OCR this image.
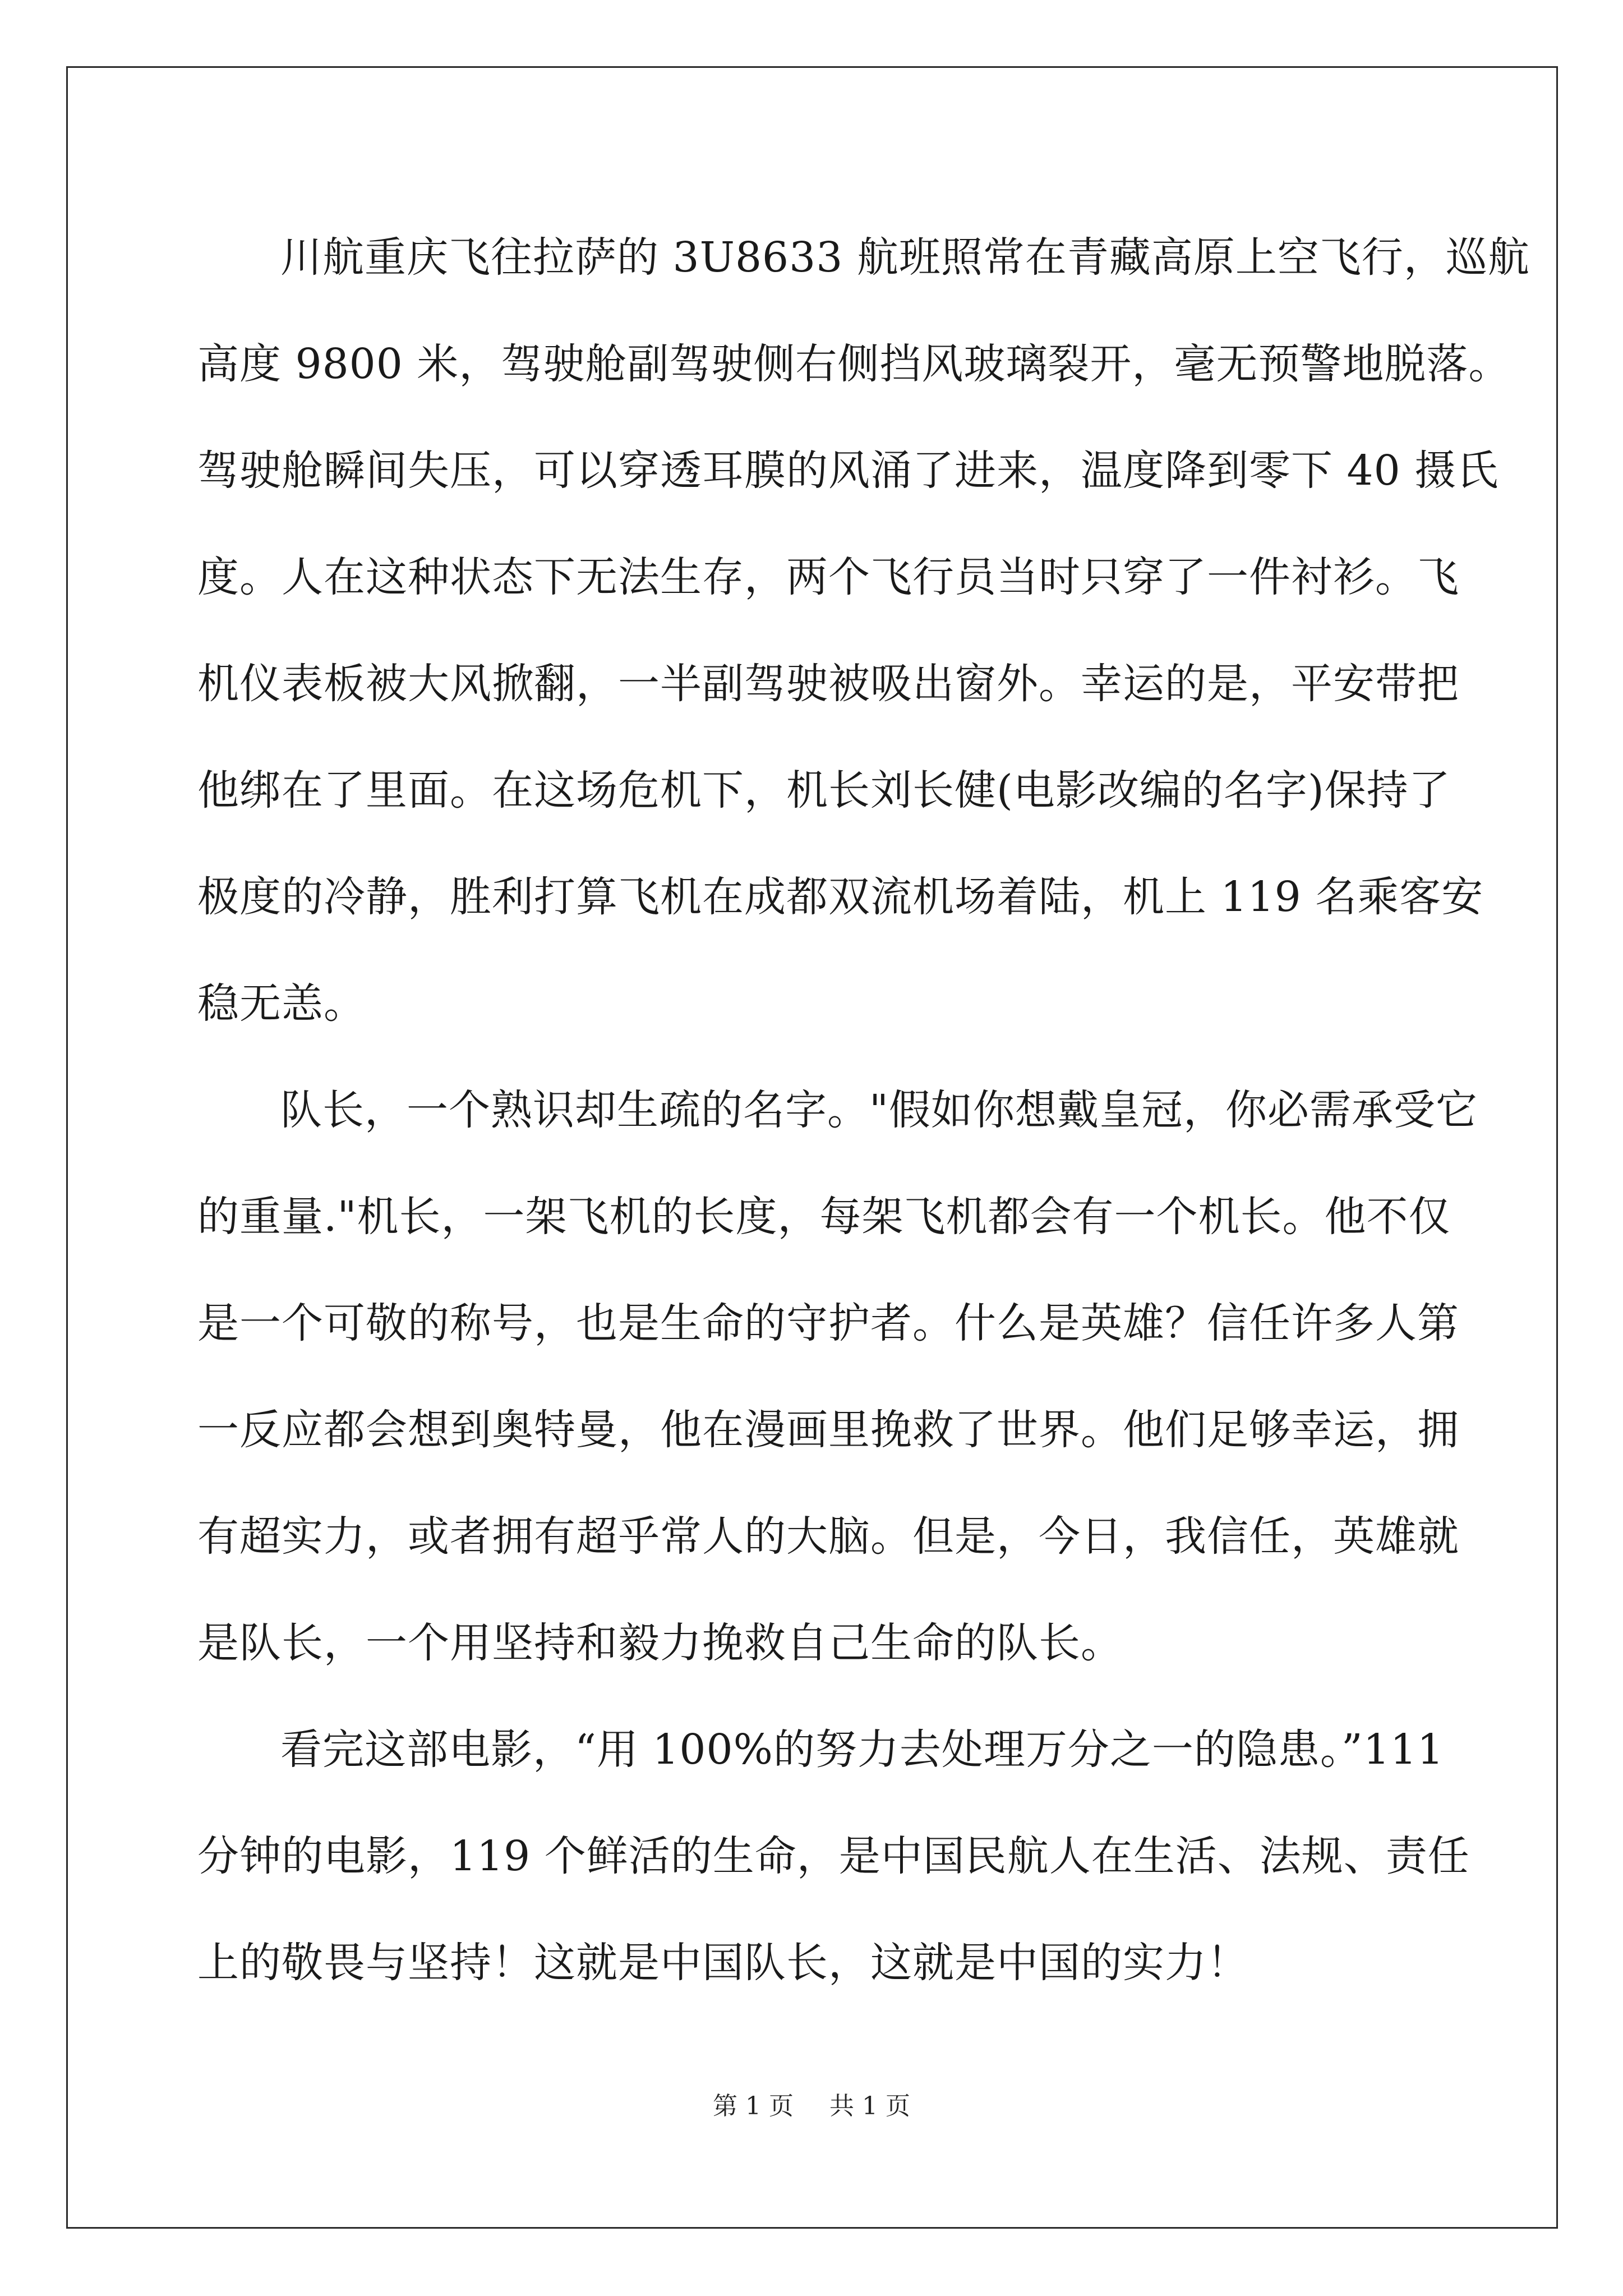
川航重庆飞往拉萨的 3U8633 航班照常在青藏高原上空飞行，巡航
高度 9800 米，驾驶舱副驾驶侧右侧挡风玻璃裂开，毫无预警地脱落。
驾驶舱瞬间失压，可以穿透耳膜的风涌了进来，温度降到零下 40 摄氏
度。人在这种状态下无法生存，两个飞行员当时只穿了一件衬衫。飞
机仪表板被大风掀翻，一半副驾驶被吸出窗外。幸运的是，平安带把
他绑在了里面。在这场危机下，机长刘长健(电影改编的名字)保持了
极度的冷静，胜利打算飞机在成都双流机场着陆，机上 119 名乘客安
稳无恙。

队长，一个熟识却生疏的名字。"假如你想戴皇冠，你必需承受它
的重量."机长，一架飞机的长度，每架飞机都会有一个机长。他不仅
是一个可敬的称号，也是生命的守护者。什么是英雄？信任许多人第
一反应都会想到奥特曼，他在漫画里挽救了世界。他们足够幸运，拥
有超实力，或者拥有超乎常人的大脑。但是，今日，我信任，英雄就
是队长，一个用坚持和毅力挽救自己生命的队长。

看完这部电影，“用 100%的努力去处理万分之一的隐患。”111
分钟的电影，119 个鲜活的生命，是中国民航人在生活、法规、责任
上的敬畏与坚持！这就是中国队长，这就是中国的实力！

第 1 页 共 1 页
